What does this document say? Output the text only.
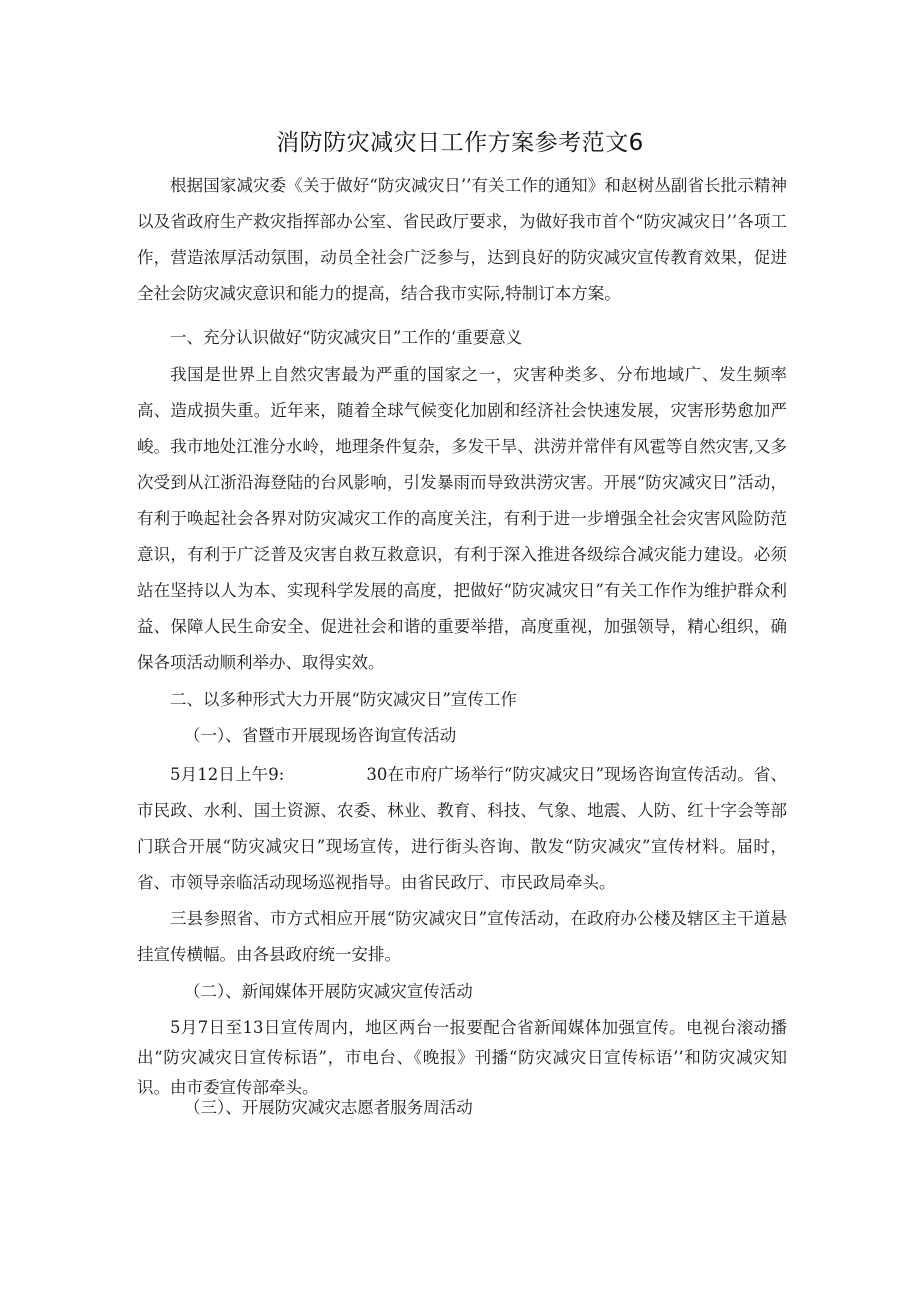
消防防灾减灾日工作方案参考范文6

根据国家减灾委《关于做好“防灾减灾日’’有关工作的通知》和赵树丛副省长批示精神以及省政府生产救灾指挥部办公室、省民政厅要求，为做好我市首个“防灾减灾日’’各项工作，营造浓厚活动氛围，动员全社会广泛参与，达到良好的防灾减灾宣传教育效果，促进全社会防灾减灾意识和能力的提高，结合我市实际,特制订本方案。

一、充分认识做好“防灾减灾日”工作的‘重要意义

我国是世界上自然灾害最为严重的国家之一，灾害种类多、分布地域广、发生频率高、造成损失重。近年来，随着全球气候变化加剧和经济社会快速发展，灾害形势愈加严峻。我市地处江淮分水岭，地理条件复杂，多发干旱、洪涝并常伴有风雹等自然灾害,又多次受到从江浙沿海登陆的台风影响，引发暴雨而导致洪涝灾害。开展“防灾减灾日”活动，有利于唤起社会各界对防灾减灾工作的高度关注，有利于进一步增强全社会灾害风险防范意识，有利于广泛普及灾害自救互救意识，有利于深入推进各级综合减灾能力建设。必须站在坚持以人为本、实现科学发展的高度，把做好“防灾减灾日”有关工作作为维护群众利益、保障人民生命安全、促进社会和谐的重要举措，高度重视，加强领导，精心组织，确保各项活动顺利举办、取得实效。

二、以多种形式大力开展“防灾减灾日”宣传工作
（一）、省暨市开展现场咨询宣传活动

5月12日上午9:	30在市府广场举行“防灾减灾日”现场咨询宣传活动。省、市民政、水利、国土资源、农委、林业、教育、科技、气象、地震、人防、红十字会等部门联合开展“防灾减灾日”现场宣传，进行街头咨询、散发“防灾减灾”宣传材料。届时，省、市领导亲临活动现场巡视指导。由省民政厅、市民政局牵头。

三县参照省、市方式相应开展“防灾减灾日”宣传活动，在政府办公楼及辖区主干道悬挂宣传横幅。由各县政府统一安排。

（二）、新闻媒体开展防灾减灾宣传活动

5月7日至13日宣传周内，地区两台一报要配合省新闻媒体加强宣传。电视台滚动播出“防灾减灾日宣传标语”，市电台、《晚报》刊播“防灾减灾日宣传标语’’和防灾减灾知识。由市委宣传部牵头。

（三）、开展防灾减灾志愿者服务周活动
